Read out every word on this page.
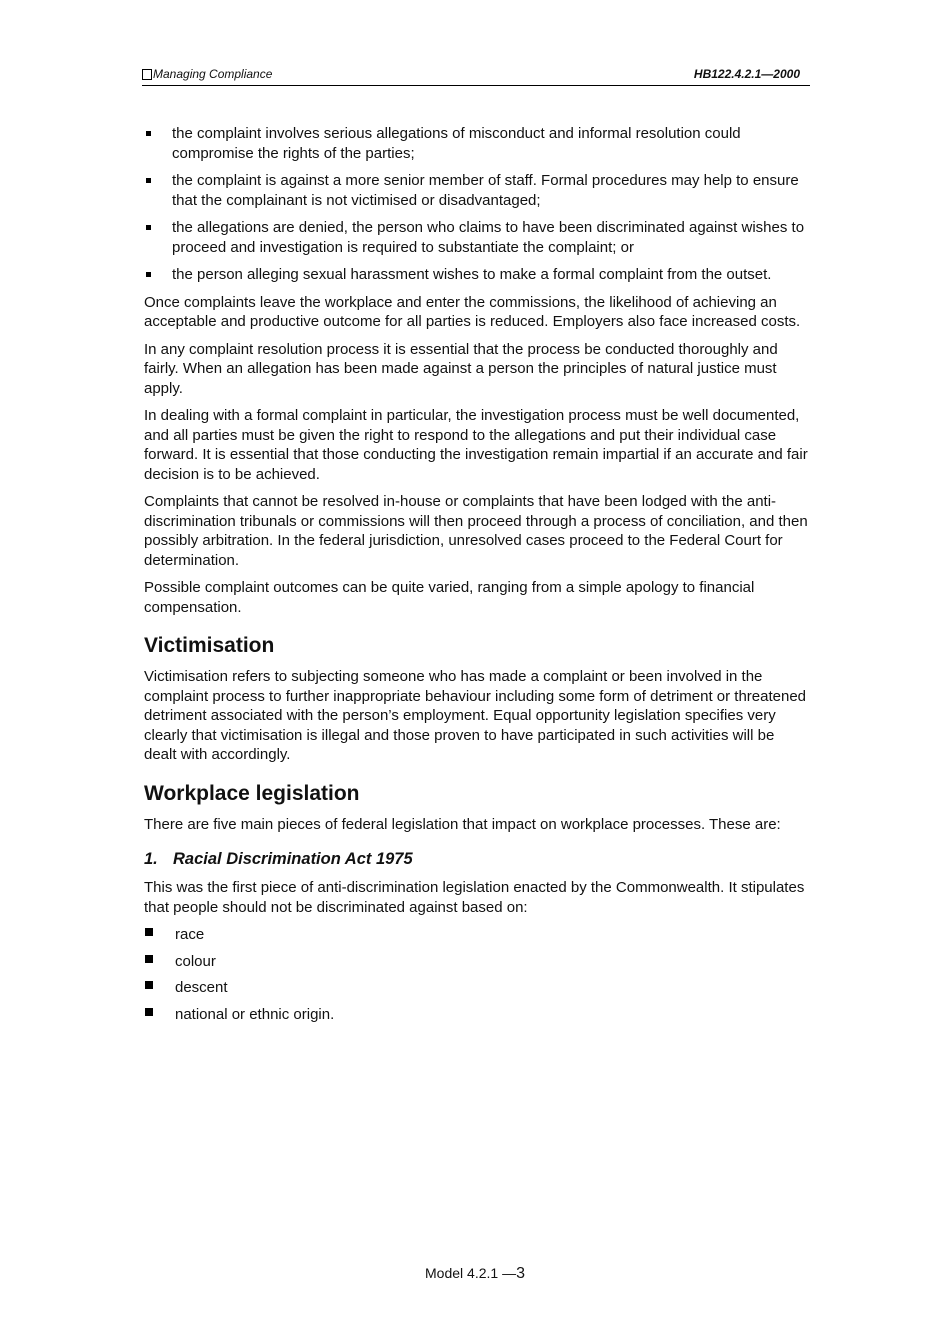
Managing Compliance	HB122.4.2.1—2000
the complaint involves serious allegations of misconduct and informal resolution could compromise the rights of the parties;
the complaint is against a more senior member of staff. Formal procedures may help to ensure that the complainant is not victimised or disadvantaged;
the allegations are denied, the person who claims to have been discriminated against wishes to proceed and investigation is required to substantiate the complaint; or
the person alleging sexual harassment wishes to make a formal complaint from the outset.

Once complaints leave the workplace and enter the commissions, the likelihood of achieving an acceptable and productive outcome for all parties is reduced. Employers also face increased costs.

In any complaint resolution process it is essential that the process be conducted thoroughly and fairly. When an allegation has been made against a person the principles of natural justice must apply.

In dealing with a formal complaint in particular, the investigation process must be well documented, and all parties must be given the right to respond to the allegations and put their individual case forward. It is essential that those conducting the investigation remain impartial if an accurate and fair decision is to be achieved.

Complaints that cannot be resolved in-house or complaints that have been lodged with the anti-discrimination tribunals or commissions will then proceed through a process of conciliation, and then possibly arbitration. In the federal jurisdiction, unresolved cases proceed to the Federal Court for determination.

Possible complaint outcomes can be quite varied, ranging from a simple apology to financial compensation.

Victimisation

Victimisation refers to subjecting someone who has made a complaint or been involved in the complaint process to further inappropriate behaviour including some form of detriment or threatened detriment associated with the person’s employment. Equal opportunity legislation specifies very clearly that victimisation is illegal and those proven to have participated in such activities will be dealt with accordingly.

Workplace legislation

There are five main pieces of federal legislation that impact on workplace processes. These are:

1. Racial Discrimination Act 1975

This was the first piece of anti-discrimination legislation enacted by the Commonwealth. It stipulates that people should not be discriminated against based on:

race
colour
descent
national or ethnic origin.
Model 4.2.1 —3
